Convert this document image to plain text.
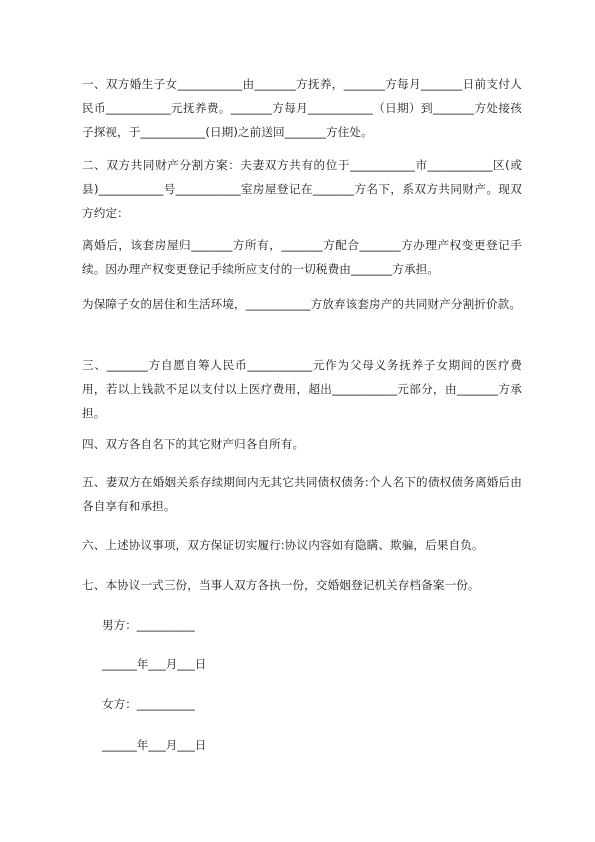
一、双方婚生子女___________由_______方抚养，_______方每月_______日前支付人民币___________元抚养费。_______方每月___________（日期）到_______方处接孩子探视，于___________(日期)之前送回_______方住处。
二、双方共同财产分割方案：夫妻双方共有的位于___________市___________区(或县)___________号___________室房屋登记在_______方名下，系双方共同财产。现双方约定：
离婚后，该套房屋归_______方所有，_______方配合_______方办理产权变更登记手续。因办理产权变更登记手续所应支付的一切税费由_______方承担。
为保障子女的居住和生活环境，___________方放弃该套房产的共同财产分割折价款。
三、_______方自愿自筹人民币___________元作为父母义务抚养子女期间的医疗费用，若以上钱款不足以支付以上医疗费用，超出___________元部分，由_______方承担。
四、双方各自名下的其它财产归各自所有。
五、妻双方在婚姻关系存续期间内无其它共同债权债务:个人名下的债权债务离婚后由各自享有和承担。
六、上述协议事项，双方保证切实履行:协议内容如有隐瞒、欺骗，后果自负。
七、本协议一式三份，当事人双方各执一份，交婚姻登记机关存档备案一份。
男方：__________
______年___月___日
女方：__________
______年___月___日
